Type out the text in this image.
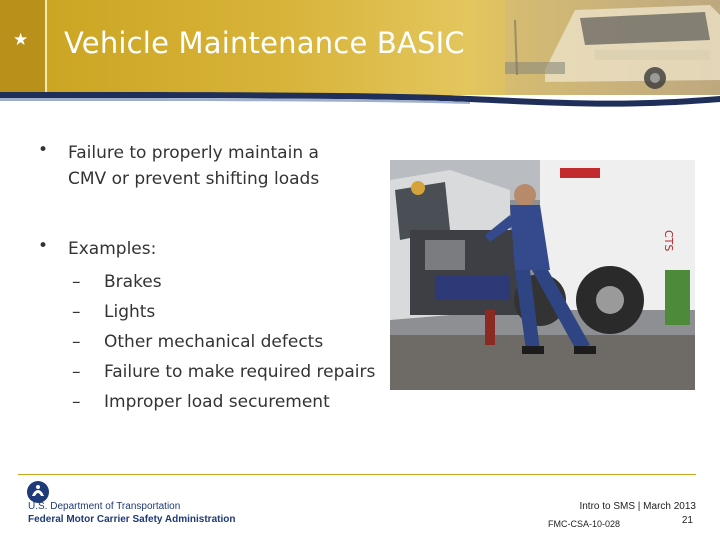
★ Vehicle Maintenance BASIC
• Failure to properly maintain a
CMV or prevent shifting loads
• Examples:
– Brakes
– Lights
– Other mechanical defects
– Failure to make required repairs
– Improper load securement
CTS
U.S. Department of Transportation
Federal Motor Carrier Safety Administration
Intro to SMS | March 2013
FMC-CSA-10-028	21
